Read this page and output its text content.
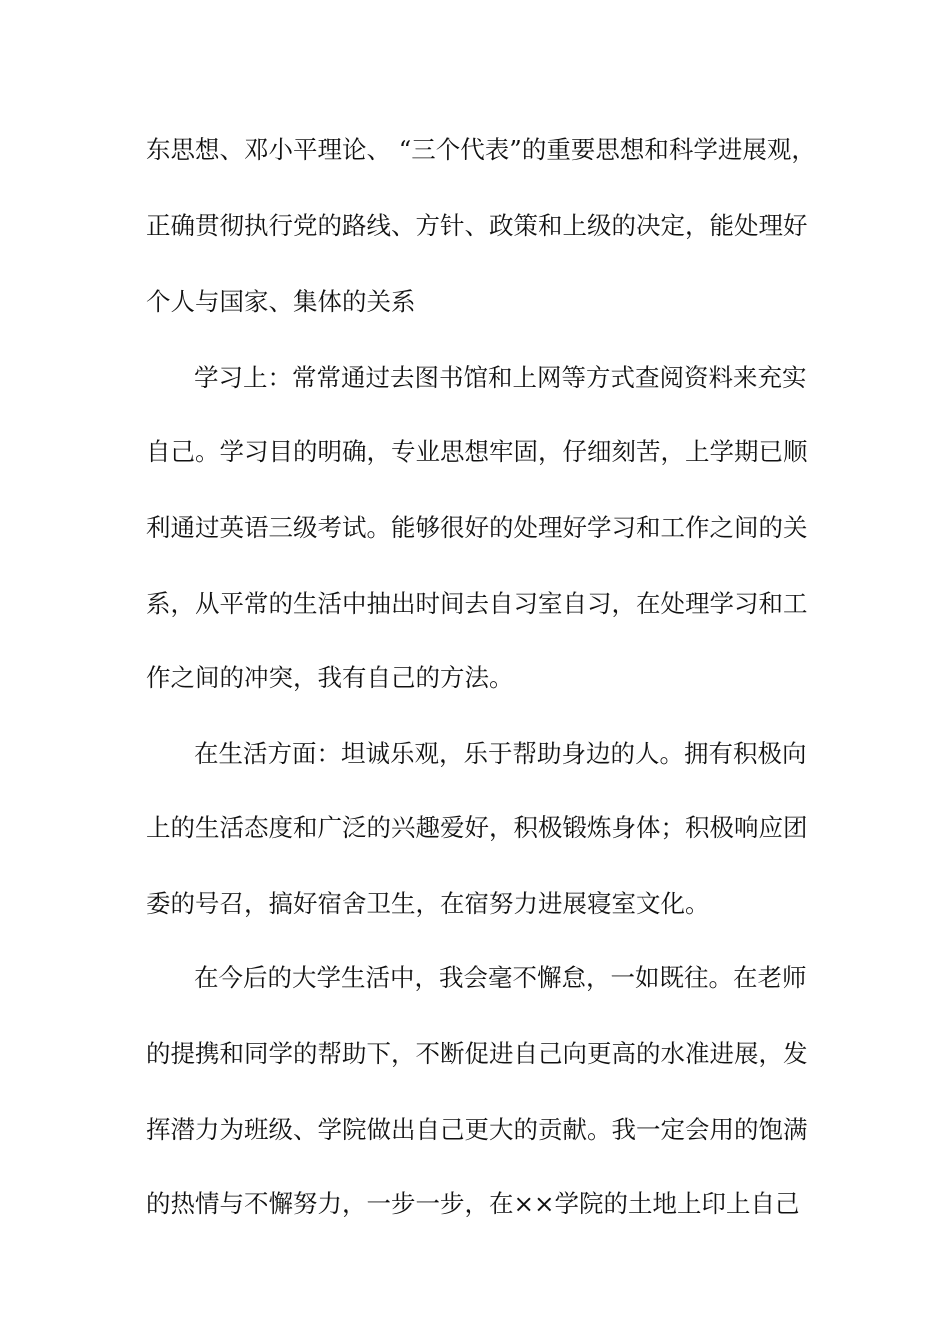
东思想、邓小平理论、 “三个代表”的重要思想和科学进展观，
正确贯彻执行党的路线、方针、政策和上级的决定，能处理好
个人与国家、集体的关系
学习上：常常通过去图书馆和上网等方式查阅资料来充实
自己。学习目的明确，专业思想牢固，仔细刻苦，上学期已顺
利通过英语三级考试。能够很好的处理好学习和工作之间的关
系，从平常的生活中抽出时间去自习室自习，在处理学习和工
作之间的冲突，我有自己的方法。
在生活方面：坦诚乐观，乐于帮助身边的人。拥有积极向
上的生活态度和广泛的兴趣爱好，积极锻炼身体；积极响应团
委的号召，搞好宿舍卫生，在宿努力进展寝室文化。
在今后的大学生活中，我会毫不懈怠，一如既往。在老师
的提携和同学的帮助下，不断促进自己向更高的水准进展，发
挥潜力为班级、学院做出自己更大的贡献。我一定会用的饱满
的热情与不懈努力，一步一步，在××学院的土地上印上自己
